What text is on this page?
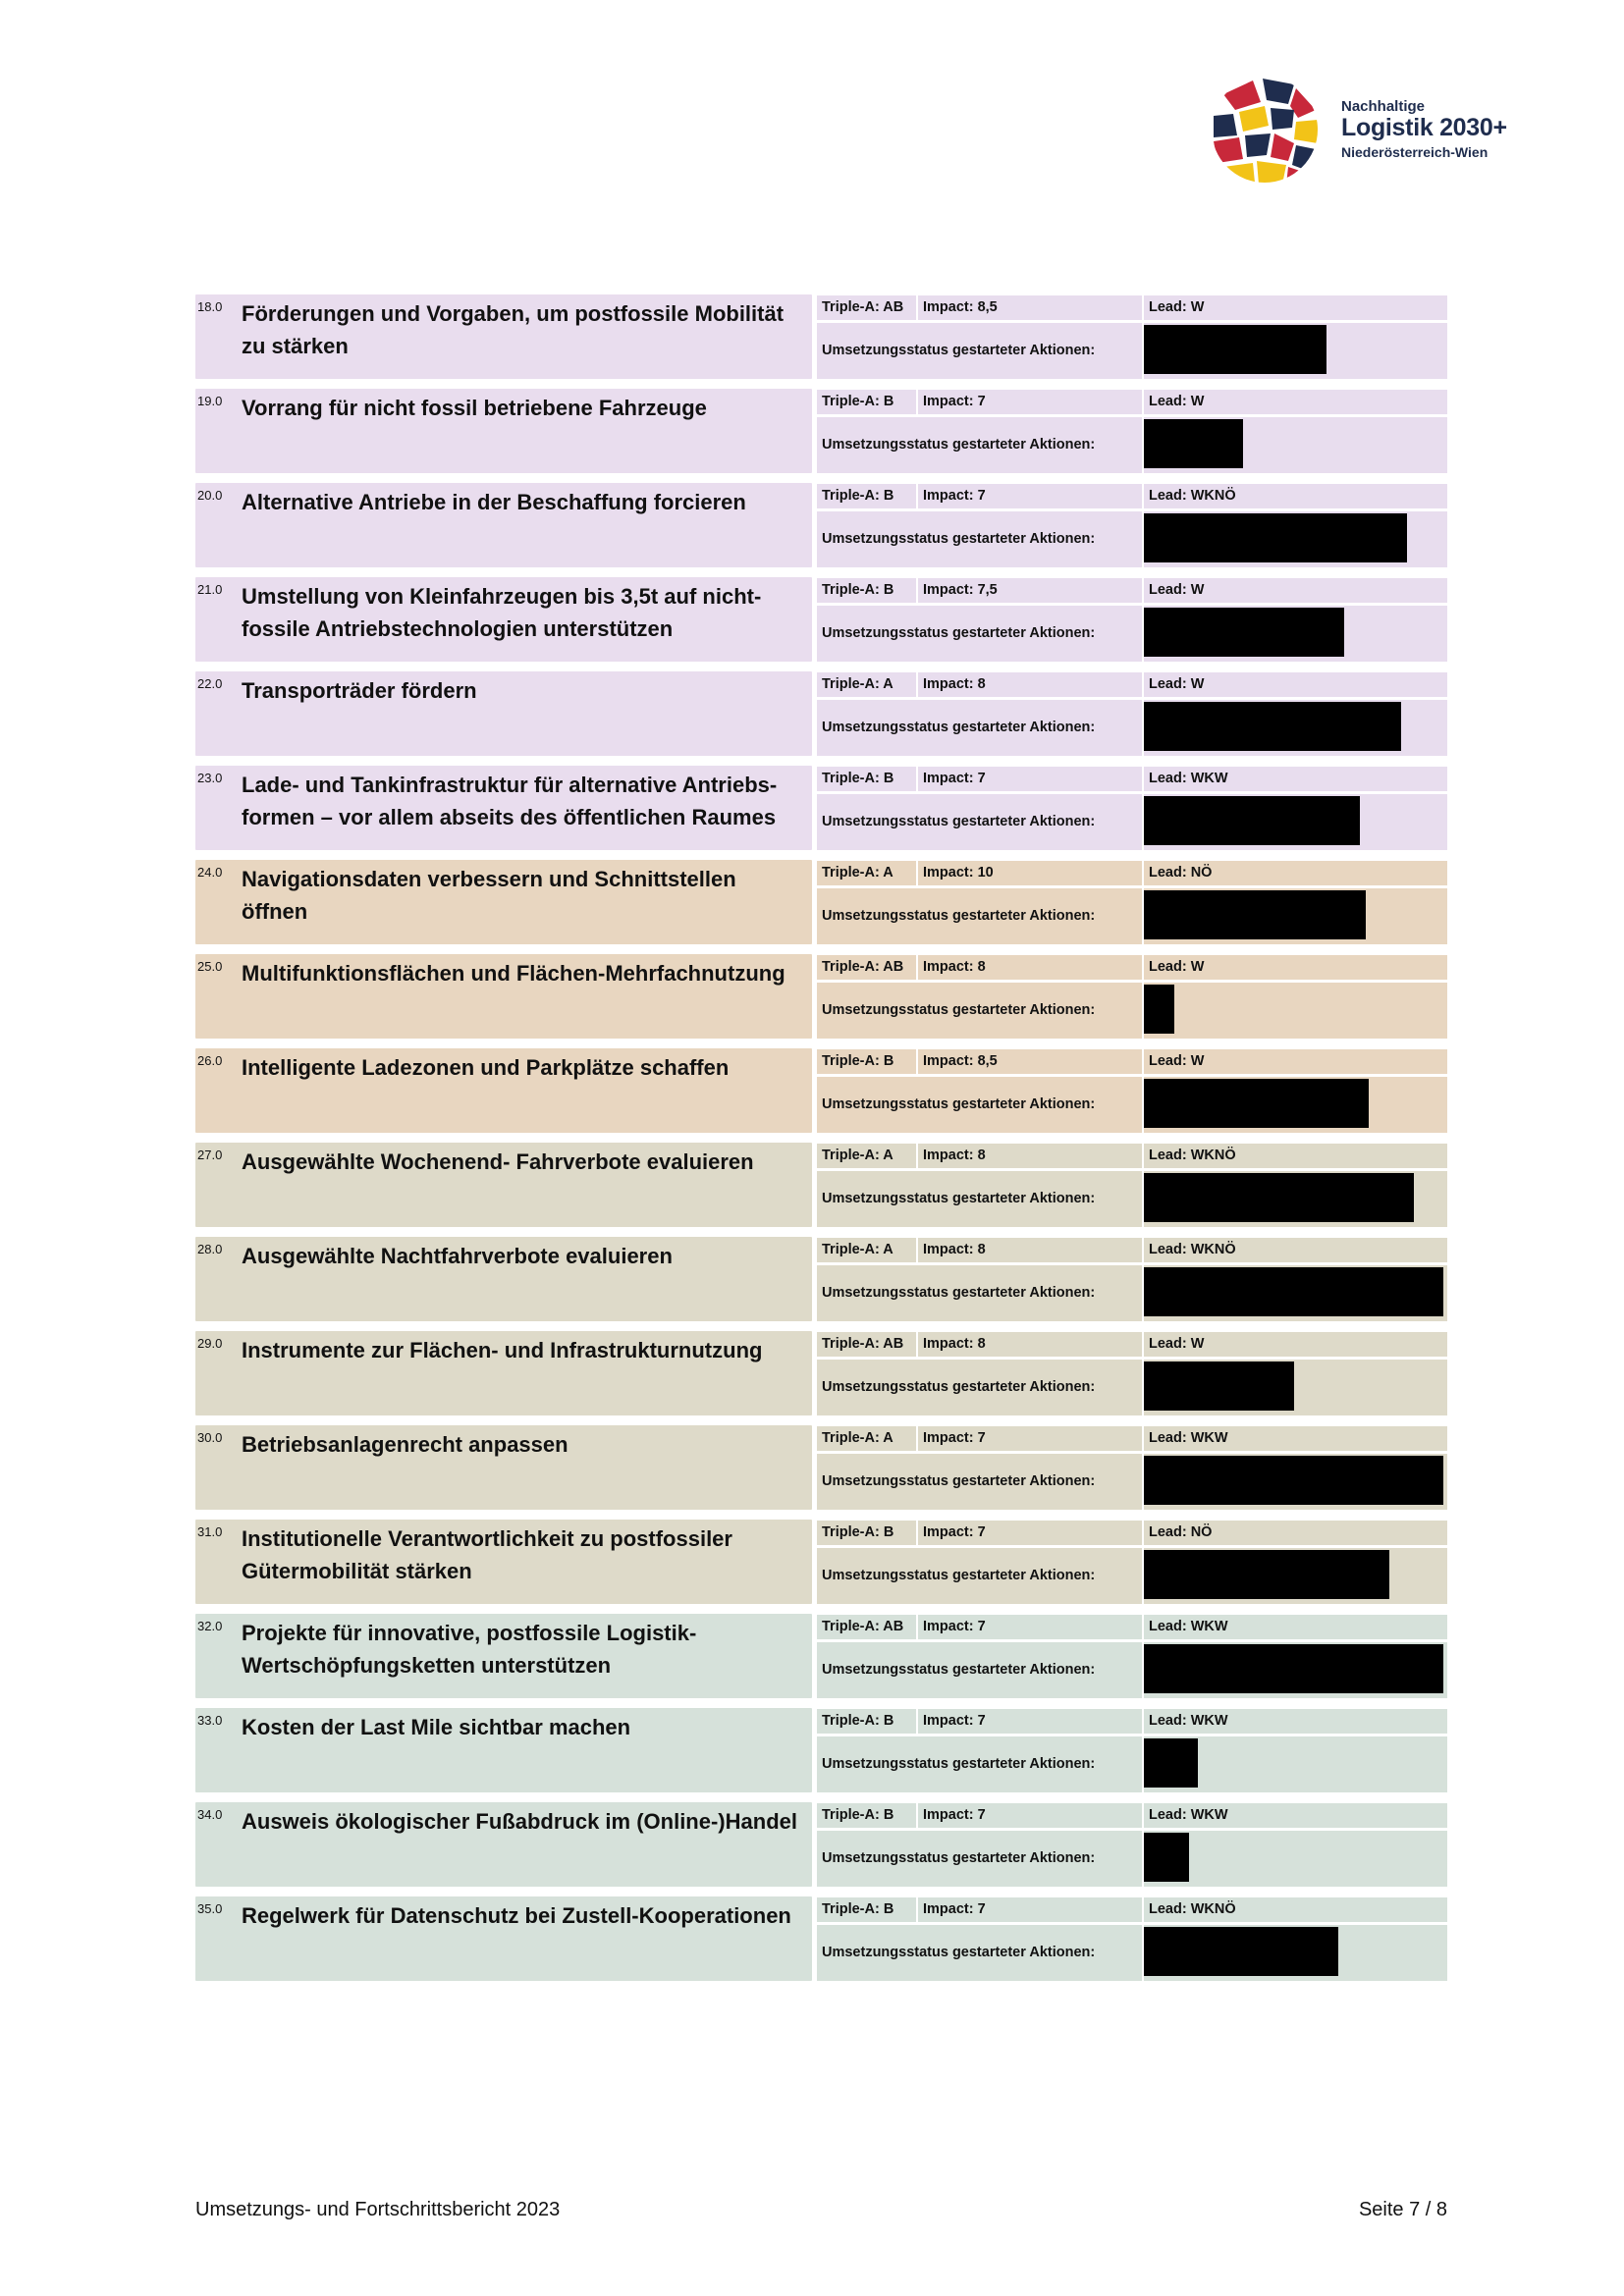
Nachhaltige
Logistik 2030+
Niederösterreich-Wien
18.0 Förderungen und Vorgaben, um postfossile Mobilität zu stärken
Triple-A: AB	Impact: 8,5	Lead: W
Umsetzungsstatus gestarteter Aktionen:
19.0 Vorrang für nicht fossil betriebene Fahrzeuge	Triple-A: B	Impact: 7	Lead: W
Umsetzungsstatus gestarteter Aktionen:
20.0 Alternative Antriebe in der Beschaffung forcieren	Triple-A: B	Impact: 7	Lead: WKNÖ
Umsetzungsstatus gestarteter Aktionen:
21.0 Umstellung von Kleinfahrzeugen bis 3,5t auf nicht-fossile Antriebstechnologien unterstützen
Triple-A: B	Impact: 7,5	Lead: W
Umsetzungsstatus gestarteter Aktionen:
22.0 Transporträder fördern	Triple-A: A	Impact: 8	Lead: W
Umsetzungsstatus gestarteter Aktionen:
23.0 Lade- und Tankinfrastruktur für alternative Antriebs-formen – vor allem abseits des öffentlichen Raumes
Triple-A: B	Impact: 7	Lead: WKW
Umsetzungsstatus gestarteter Aktionen:
24.0 Navigationsdaten verbessern und Schnittstellen öffnen
Triple-A: A	Impact: 10	Lead: NÖ
Umsetzungsstatus gestarteter Aktionen:
25.0 Multifunktionsflächen und Flächen-Mehrfachnutzung	Triple-A: AB	Impact: 8	Lead: W
Umsetzungsstatus gestarteter Aktionen:
26.0 Intelligente Ladezonen und Parkplätze schaffen	Triple-A: B	Impact: 8,5	Lead: W
Umsetzungsstatus gestarteter Aktionen:
27.0 Ausgewählte Wochenend- Fahrverbote evaluieren	Triple-A: A	Impact: 8	Lead: WKNÖ
Umsetzungsstatus gestarteter Aktionen:
28.0 Ausgewählte Nachtfahrverbote evaluieren	Triple-A: A	Impact: 8	Lead: WKNÖ
Umsetzungsstatus gestarteter Aktionen:
29.0 Instrumente zur Flächen- und Infrastrukturnutzung	Triple-A: AB	Impact: 8	Lead: W
Umsetzungsstatus gestarteter Aktionen:
30.0 Betriebsanlagenrecht anpassen	Triple-A: A	Impact: 7	Lead: WKW
Umsetzungsstatus gestarteter Aktionen:
31.0 Institutionelle Verantwortlichkeit zu postfossiler Gütermobilität stärken
Triple-A: B	Impact: 7	Lead: NÖ
Umsetzungsstatus gestarteter Aktionen:
32.0 Projekte für innovative, postfossile Logistik-Wertschöpfungsketten unterstützen
Triple-A: AB	Impact: 7	Lead: WKW
Umsetzungsstatus gestarteter Aktionen:
33.0 Kosten der Last Mile sichtbar machen	Triple-A: B	Impact: 7	Lead: WKW
Umsetzungsstatus gestarteter Aktionen:
34.0 Ausweis ökologischer Fußabdruck im (Online-)Handel	Triple-A: B	Impact: 7	Lead: WKW
Umsetzungsstatus gestarteter Aktionen:
35.0 Regelwerk für Datenschutz bei Zustell-Kooperationen	Triple-A: B	Impact: 7	Lead: WKNÖ
Umsetzungsstatus gestarteter Aktionen:
Umsetzungs- und Fortschrittsbericht 2023	Seite 7 / 8
